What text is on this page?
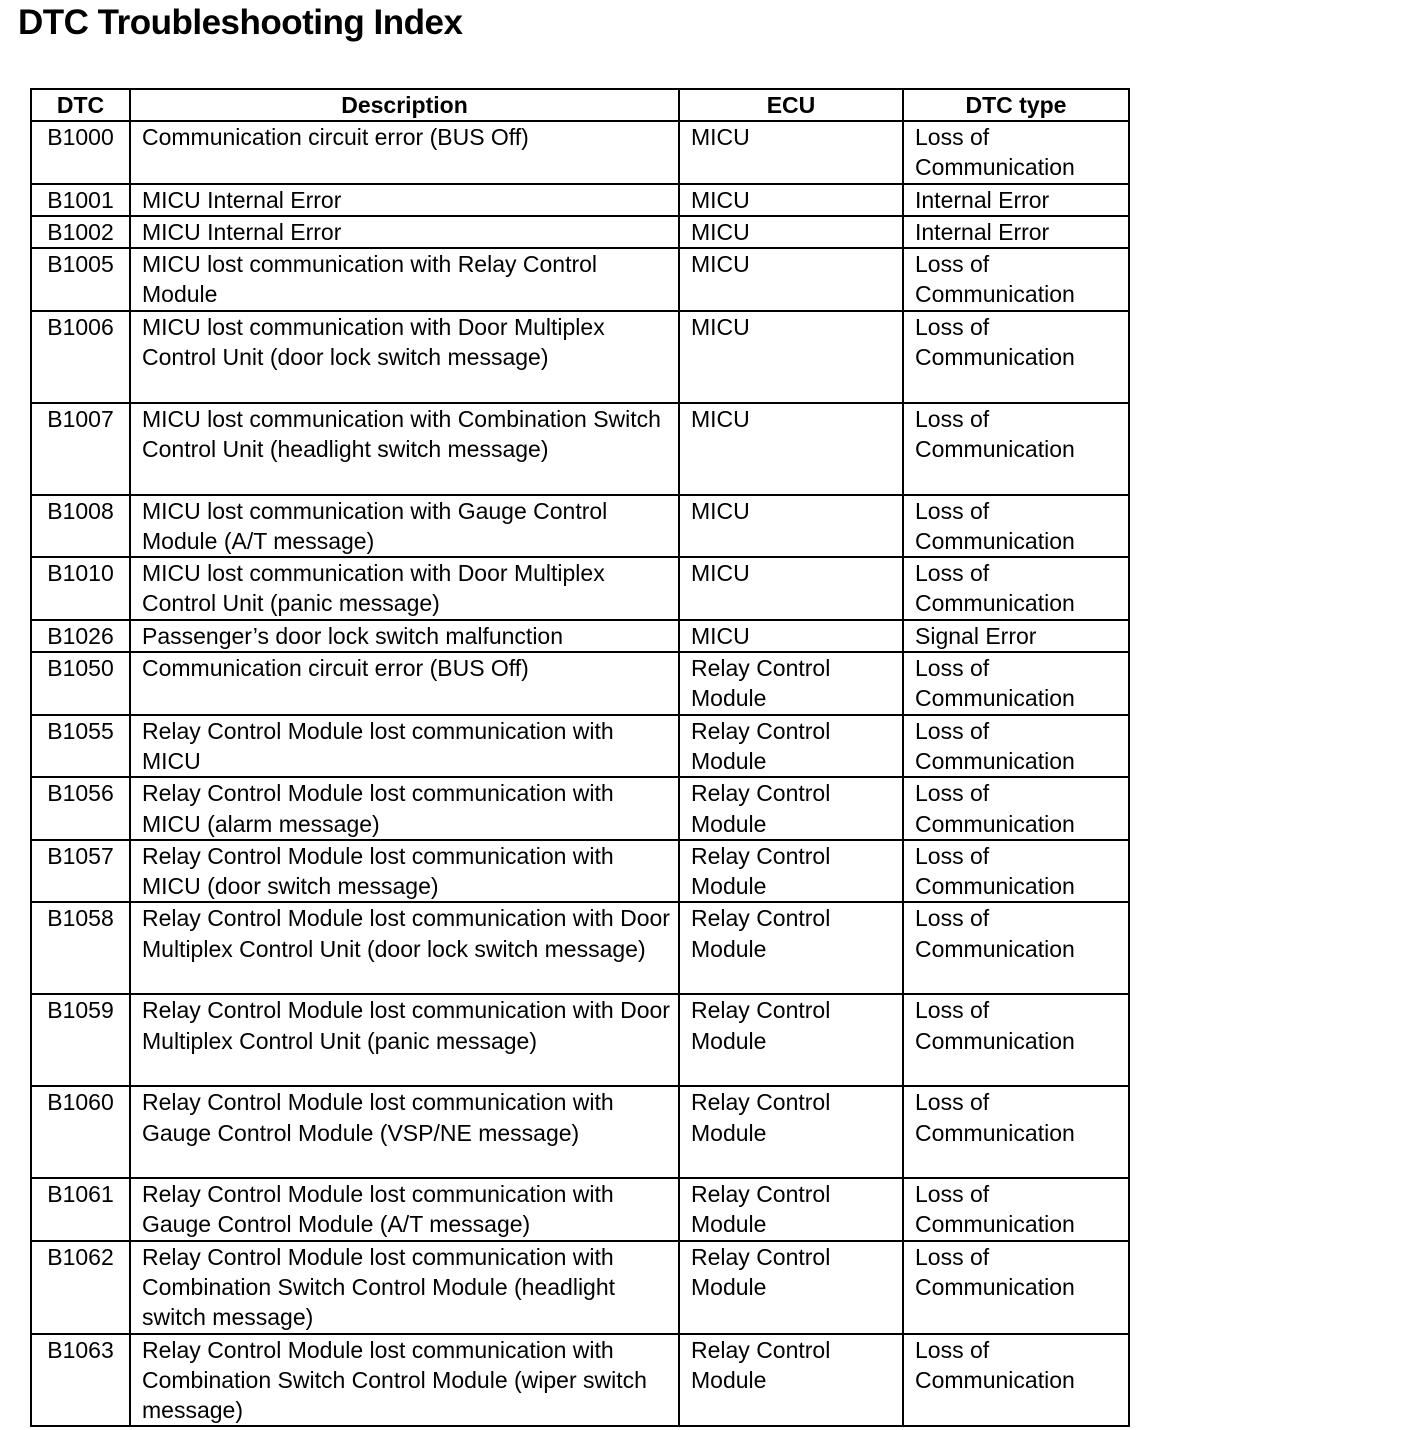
DTC Troubleshooting Index
DTC	Description	ECU	DTC type
B1000	Communication circuit error (BUS Off)	MICU	Loss of Communication
B1001	MICU Internal Error	MICU	Internal Error
B1002	MICU Internal Error	MICU	Internal Error
B1005	MICU lost communication with Relay Control Module	MICU	Loss of Communication
B1006	MICU lost communication with Door Multiplex Control Unit (door lock switch message)	MICU	Loss of Communication
B1007	MICU lost communication with Combination Switch Control Unit (headlight switch message)	MICU	Loss of Communication
B1008	MICU lost communication with Gauge Control Module (A/T message)	MICU	Loss of Communication
B1010	MICU lost communication with Door Multiplex Control Unit (panic message)	MICU	Loss of Communication
B1026	Passenger’s door lock switch malfunction	MICU	Signal Error
B1050	Communication circuit error (BUS Off)	Relay Control Module	Loss of Communication
B1055	Relay Control Module lost communication with MICU	Relay Control Module	Loss of Communication
B1056	Relay Control Module lost communication with MICU (alarm message)	Relay Control Module	Loss of Communication
B1057	Relay Control Module lost communication with MICU (door switch message)	Relay Control Module	Loss of Communication
B1058	Relay Control Module lost communication with Door Multiplex Control Unit (door lock switch message)	Relay Control Module	Loss of Communication
B1059	Relay Control Module lost communication with Door Multiplex Control Unit (panic message)	Relay Control Module	Loss of Communication
B1060	Relay Control Module lost communication with Gauge Control Module (VSP/NE message)	Relay Control Module	Loss of Communication
B1061	Relay Control Module lost communication with Gauge Control Module (A/T message)	Relay Control Module	Loss of Communication
B1062	Relay Control Module lost communication with Combination Switch Control Module (headlight switch message)	Relay Control Module	Loss of Communication
B1063	Relay Control Module lost communication with Combination Switch Control Module (wiper switch message)	Relay Control Module	Loss of Communication
